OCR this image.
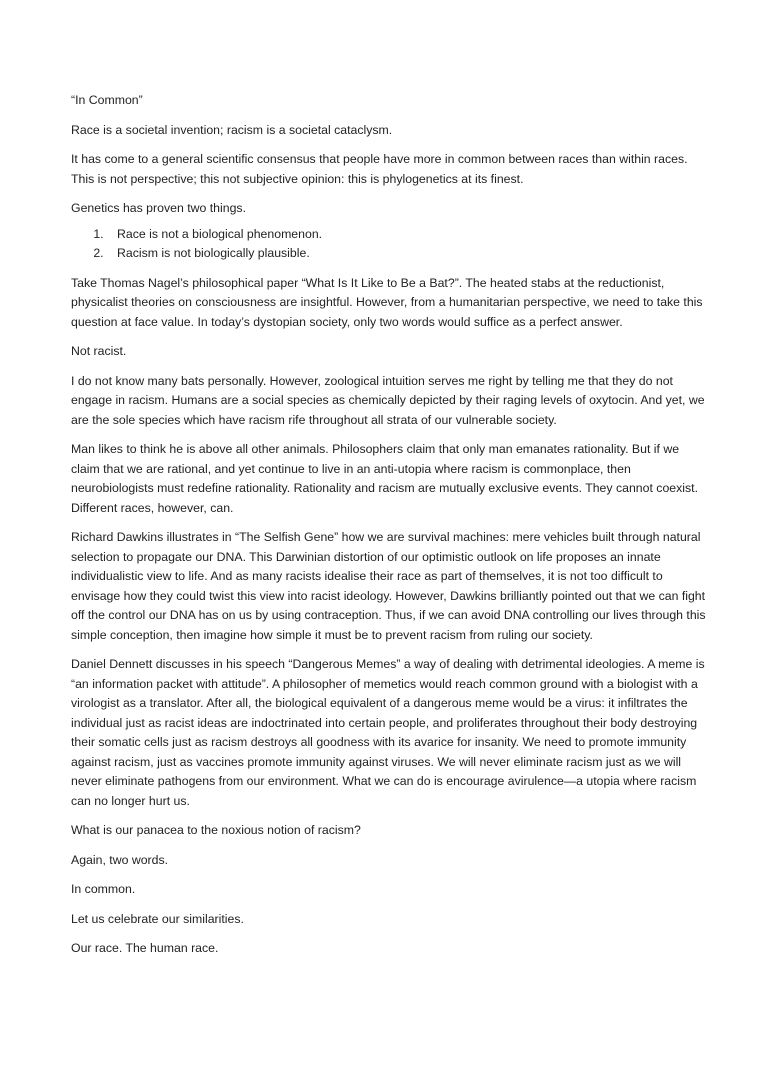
“In Common”

Race is a societal invention; racism is a societal cataclysm.

It has come to a general scientific consensus that people have more in common between races than within races. This is not perspective; this not subjective opinion: this is phylogenetics at its finest.

Genetics has proven two things.

1. Race is not a biological phenomenon.
2. Racism is not biologically plausible.

Take Thomas Nagel’s philosophical paper “What Is It Like to Be a Bat?”. The heated stabs at the reductionist, physicalist theories on consciousness are insightful. However, from a humanitarian perspective, we need to take this question at face value. In today’s dystopian society, only two words would suffice as a perfect answer.

Not racist.

I do not know many bats personally. However, zoological intuition serves me right by telling me that they do not engage in racism. Humans are a social species as chemically depicted by their raging levels of oxytocin. And yet, we are the sole species which have racism rife throughout all strata of our vulnerable society.

Man likes to think he is above all other animals. Philosophers claim that only man emanates rationality. But if we claim that we are rational, and yet continue to live in an anti-utopia where racism is commonplace, then neurobiologists must redefine rationality. Rationality and racism are mutually exclusive events. They cannot coexist. Different races, however, can.

Richard Dawkins illustrates in “The Selfish Gene” how we are survival machines: mere vehicles built through natural selection to propagate our DNA. This Darwinian distortion of our optimistic outlook on life proposes an innate individualistic view to life. And as many racists idealise their race as part of themselves, it is not too difficult to envisage how they could twist this view into racist ideology. However, Dawkins brilliantly pointed out that we can fight off the control our DNA has on us by using contraception. Thus, if we can avoid DNA controlling our lives through this simple conception, then imagine how simple it must be to prevent racism from ruling our society.

Daniel Dennett discusses in his speech “Dangerous Memes” a way of dealing with detrimental ideologies. A meme is “an information packet with attitude”. A philosopher of memetics would reach common ground with a biologist with a virologist as a translator. After all, the biological equivalent of a dangerous meme would be a virus: it infiltrates the individual just as racist ideas are indoctrinated into certain people, and proliferates throughout their body destroying their somatic cells just as racism destroys all goodness with its avarice for insanity. We need to promote immunity against racism, just as vaccines promote immunity against viruses. We will never eliminate racism just as we will never eliminate pathogens from our environment. What we can do is encourage avirulence—a utopia where racism can no longer hurt us.

What is our panacea to the noxious notion of racism?

Again, two words.

In common.

Let us celebrate our similarities.

Our race. The human race.
